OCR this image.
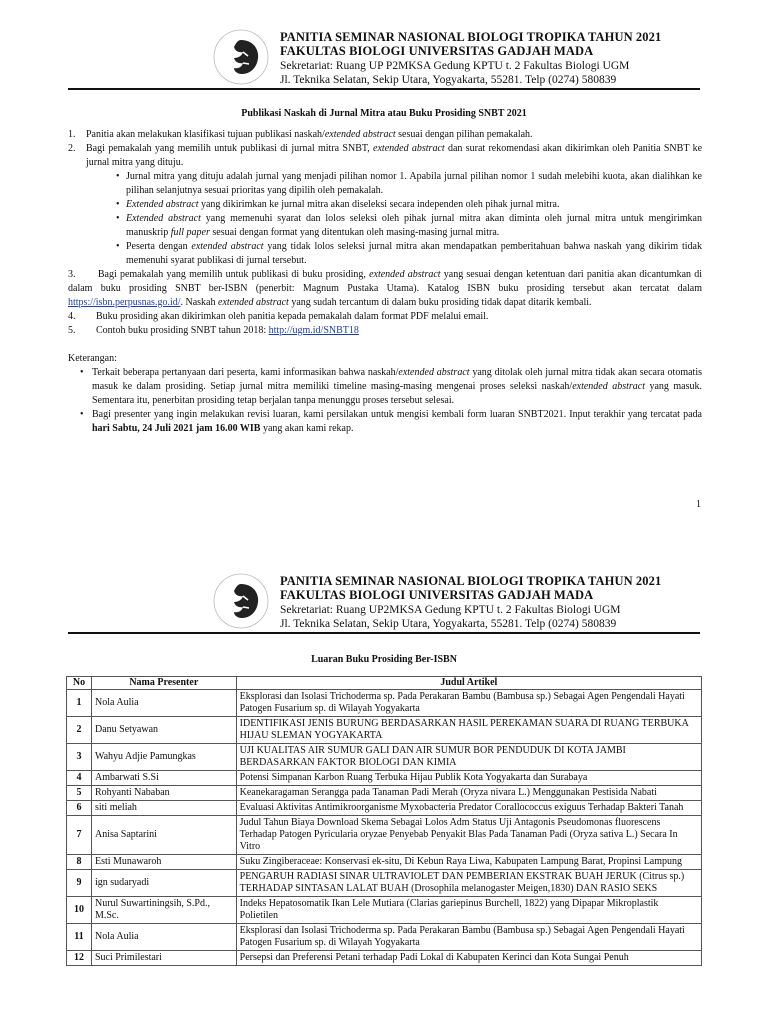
PANITIA SEMINAR NASIONAL BIOLOGI TROPIKA TAHUN 2021
FAKULTAS BIOLOGI UNIVERSITAS GADJAH MADA
Sekretariat: Ruang UP P2MKSA Gedung KPTU t. 2 Fakultas Biologi UGM
Jl. Teknika Selatan, Sekip Utara, Yogyakarta, 55281. Telp (0274) 580839
Publikasi Naskah di Jurnal Mitra atau Buku Prosiding SNBT 2021
1.	Panitia akan melakukan klasifikasi tujuan publikasi naskah/extended abstract sesuai dengan pilihan pemakalah.
2.	Bagi pemakalah yang memilih untuk publikasi di jurnal mitra SNBT, extended abstract dan surat rekomendasi akan dikirimkan oleh Panitia SNBT ke jurnal mitra yang dituju.
• Jurnal mitra yang dituju adalah jurnal yang menjadi pilihan nomor 1. Apabila jurnal pilihan nomor 1 sudah melebihi kuota, akan dialihkan ke pilihan selanjutnya sesuai prioritas yang dipilih oleh pemakalah.
• Extended abstract yang dikirimkan ke jurnal mitra akan diseleksi secara independen oleh pihak jurnal mitra.
• Extended abstract yang memenuhi syarat dan lolos seleksi oleh pihak jurnal mitra akan diminta oleh jurnal mitra untuk mengirimkan manuskrip full paper sesuai dengan format yang ditentukan oleh masing-masing jurnal mitra.
• Peserta dengan extended abstract yang tidak lolos seleksi jurnal mitra akan mendapatkan pemberitahuan bahwa naskah yang dikirim tidak memenuhi syarat publikasi di jurnal tersebut.
3. Bagi pemakalah yang memilih untuk publikasi di buku prosiding, extended abstract yang sesuai dengan ketentuan dari panitia akan dicantumkan di dalam buku prosiding SNBT ber-ISBN (penerbit: Magnum Pustaka Utama). Katalog ISBN buku prosiding tersebut akan tercatat dalam https://isbn.perpusnas.go.id/. Naskah extended abstract yang sudah tercantum di dalam buku prosiding tidak dapat ditarik kembali.
4.	Buku prosiding akan dikirimkan oleh panitia kepada pemakalah dalam format PDF melalui email.
5.	Contoh buku prosiding SNBT tahun 2018: http://ugm.id/SNBT18
Keterangan:
• Terkait beberapa pertanyaan dari peserta, kami informasikan bahwa naskah/extended abstract yang ditolak oleh jurnal mitra tidak akan secara otomatis masuk ke dalam prosiding. Setiap jurnal mitra memiliki timeline masing-masing mengenai proses seleksi naskah/extended abstract yang masuk. Sementara itu, penerbitan prosiding tetap berjalan tanpa menunggu proses tersebut selesai.
• Bagi presenter yang ingin melakukan revisi luaran, kami persilakan untuk mengisi kembali form luaran SNBT2021. Input terakhir yang tercatat pada hari Sabtu, 24 Juli 2021 jam 16.00 WIB yang akan kami rekap.
1
PANITIA SEMINAR NASIONAL BIOLOGI TROPIKA TAHUN 2021
FAKULTAS BIOLOGI UNIVERSITAS GADJAH MADA
Sekretariat: Ruang UP2MKSA Gedung KPTU t. 2 Fakultas Biologi UGM
Jl. Teknika Selatan, Sekip Utara, Yogyakarta, 55281. Telp (0274) 580839
Luaran Buku Prosiding Ber-ISBN
No	Nama Presenter	Judul Artikel
1	Nola Aulia	Eksplorasi dan Isolasi Trichoderma sp. Pada Perakaran Bambu (Bambusa sp.) Sebagai Agen Pengendali Hayati Patogen Fusarium sp. di Wilayah Yogyakarta
2	Danu Setyawan	IDENTIFIKASI JENIS BURUNG BERDASARKAN HASIL PEREKAMAN SUARA DI RUANG TERBUKA HIJAU SLEMAN YOGYAKARTA
3	Wahyu Adjie Pamungkas	UJI KUALITAS AIR SUMUR GALI DAN AIR SUMUR BOR PENDUDUK DI KOTA JAMBI BERDASARKAN FAKTOR BIOLOGI DAN KIMIA
4	Ambarwati S.Si	Potensi Simpanan Karbon Ruang Terbuka Hijau Publik Kota Yogyakarta dan Surabaya
5	Rohyanti Nababan	Keanekaragaman Serangga pada Tanaman Padi Merah (Oryza nivara L.) Menggunakan Pestisida Nabati
6	siti meliah	Evaluasi Aktivitas Antimikroorganisme Myxobacteria Predator Corallococcus exiguus Terhadap Bakteri Tanah
7	Anisa Saptarini	Judul Tahun Biaya Download Skema Sebagai Lolos Adm Status Uji Antagonis Pseudomonas fluorescens Terhadap Patogen Pyricularia oryzae Penyebab Penyakit Blas Pada Tanaman Padi (Oryza sativa L.) Secara In Vitro
8	Esti Munawaroh	Suku Zingiberaceae: Konservasi ek-situ, Di Kebun Raya Liwa, Kabupaten Lampung Barat, Propinsi Lampung
9	ign sudaryadi	PENGARUH RADIASI SINAR ULTRAVIOLET DAN PEMBERIAN EKSTRAK BUAH JERUK (Citrus sp.) TERHADAP SINTASAN LALAT BUAH (Drosophila melanogaster Meigen,1830) DAN RASIO SEKS
10	Nurul Suwartiningsih, S.Pd., M.Sc.	Indeks Hepatosomatik Ikan Lele Mutiara (Clarias gariepinus Burchell, 1822) yang Dipapar Mikroplastik Polietilen
11	Nola Aulia	Eksplorasi dan Isolasi Trichoderma sp. Pada Perakaran Bambu (Bambusa sp.) Sebagai Agen Pengendali Hayati Patogen Fusarium sp. di Wilayah Yogyakarta
12	Suci Primilestari	Persepsi dan Preferensi Petani terhadap Padi Lokal di Kabupaten Kerinci dan Kota Sungai Penuh
